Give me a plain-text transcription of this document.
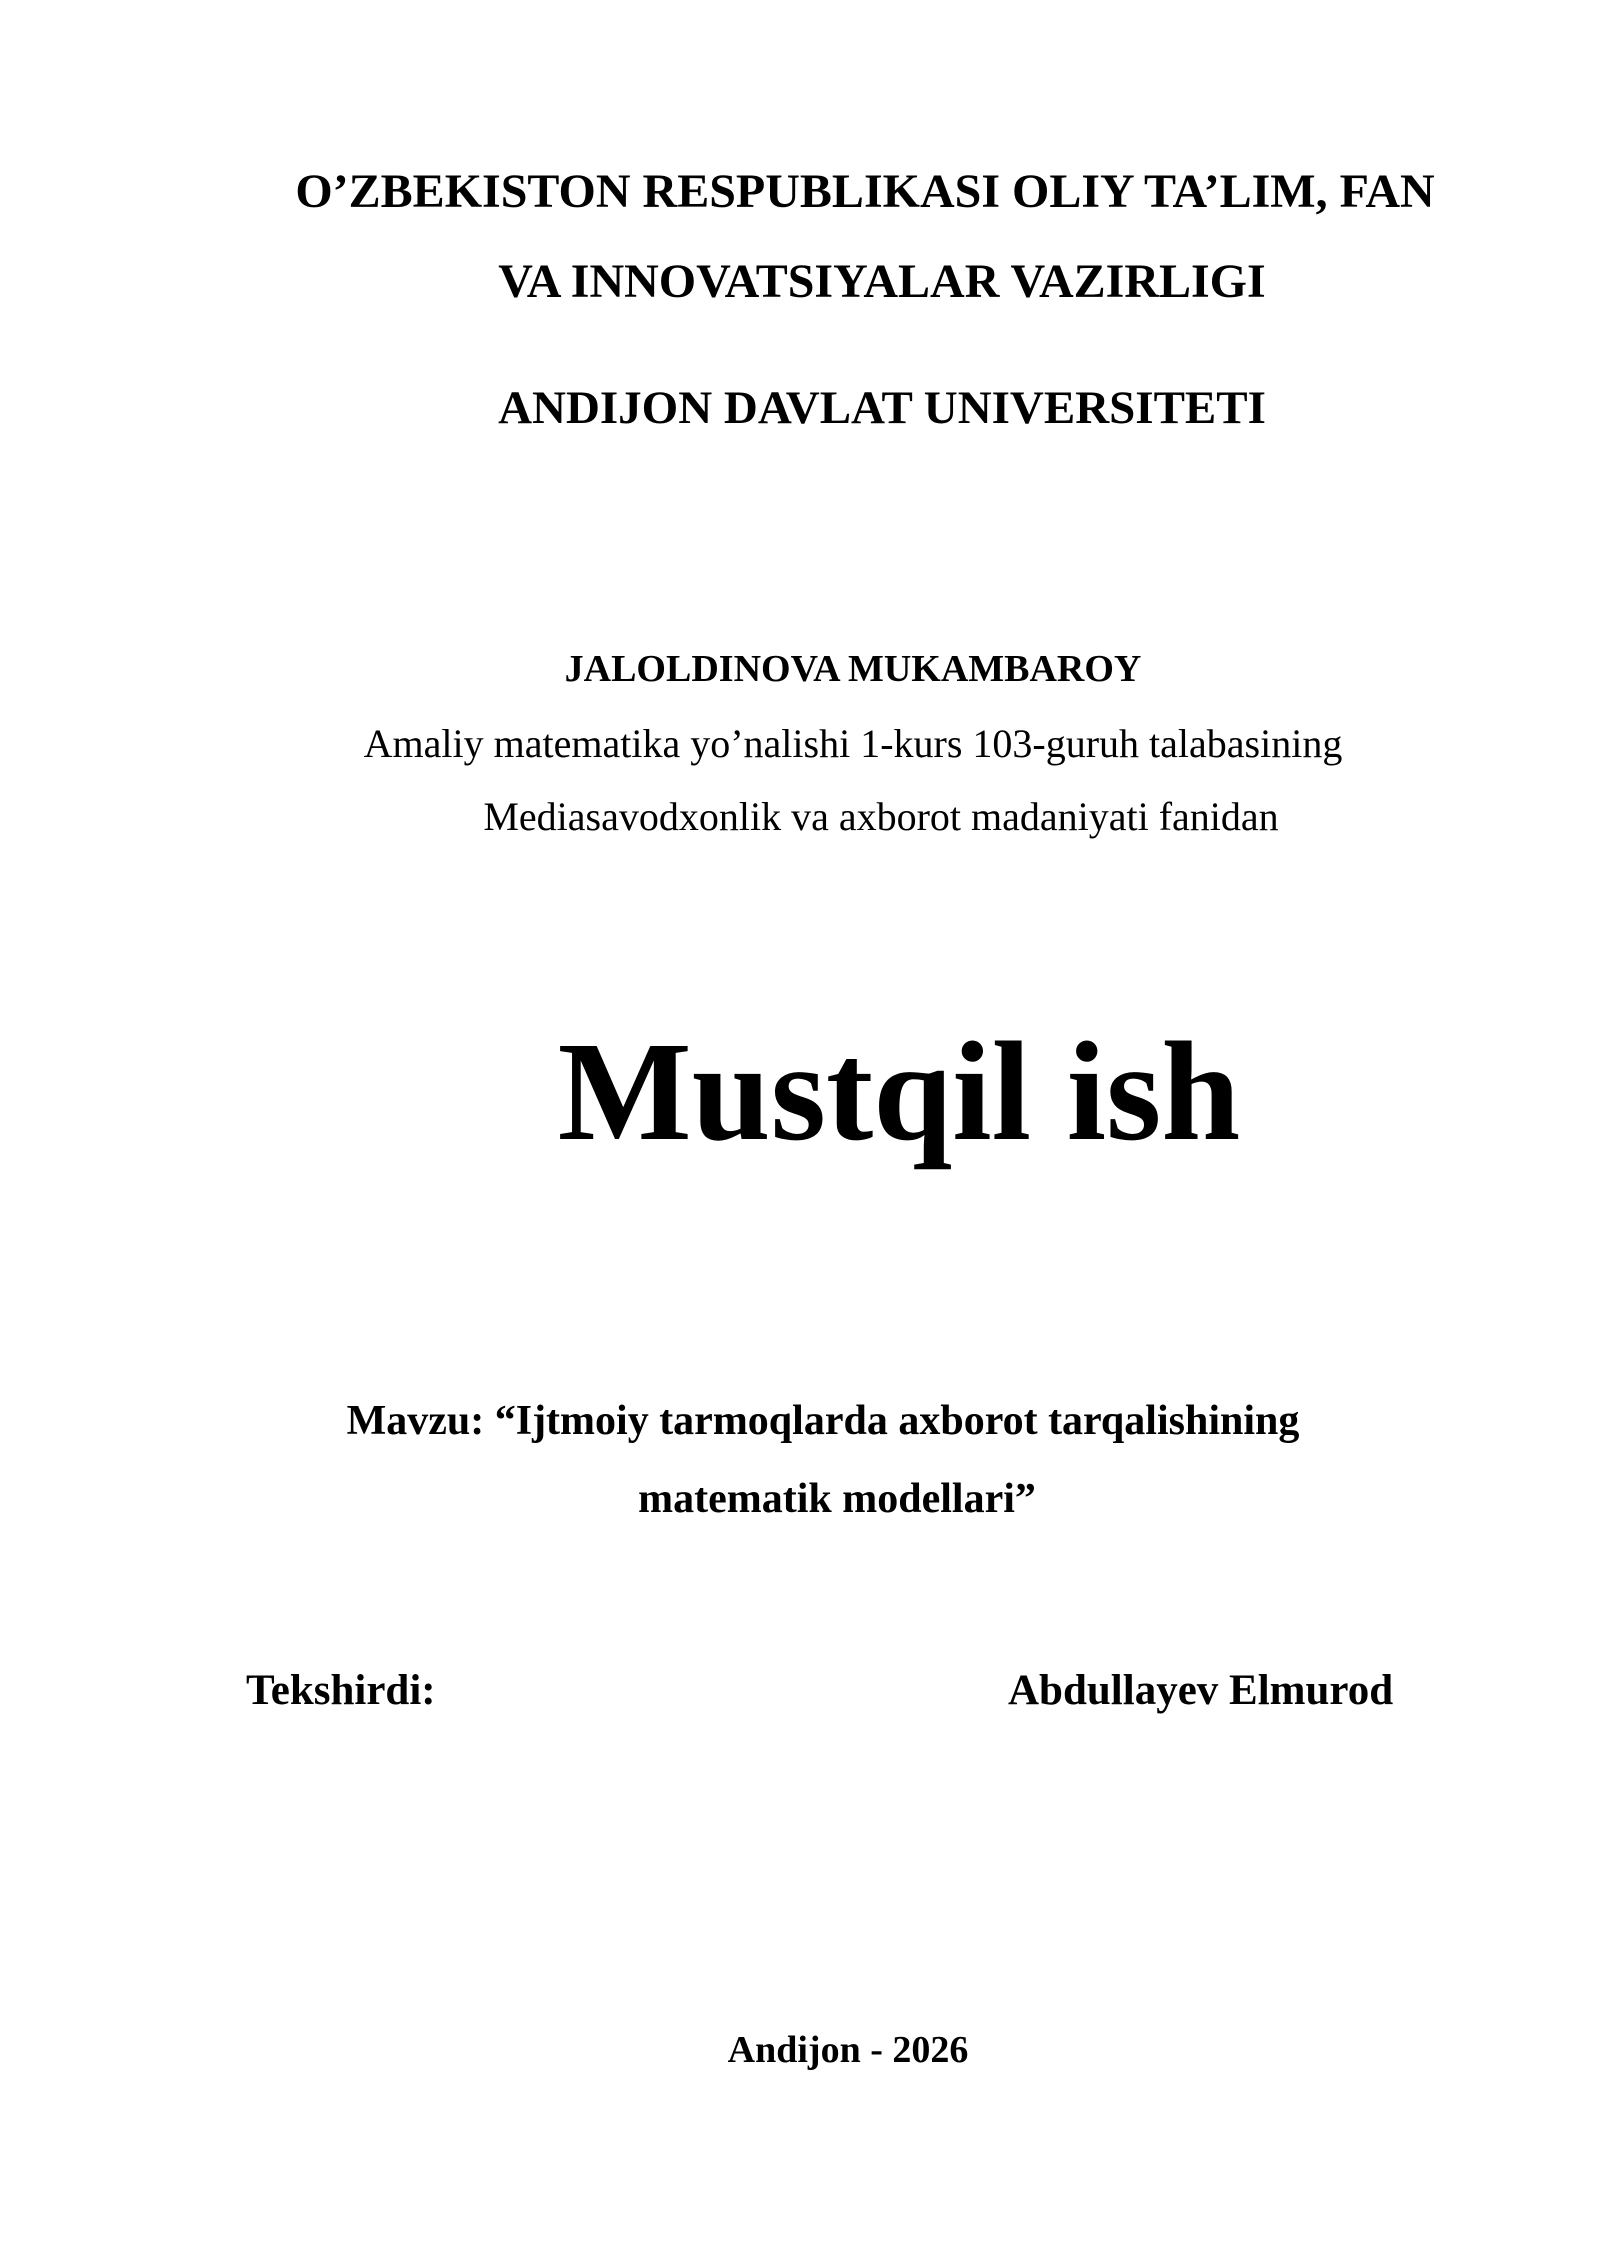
O’ZBEKISTON RESPUBLIKASI OLIY TA’LIM, FAN
VA INNOVATSIYALAR VAZIRLIGI
ANDIJON DAVLAT UNIVERSITETI
JALOLDINOVA MUKAMBAROY
Amaliy matematika yo’nalishi 1-kurs 103-guruh talabasining
Mediasavodxonlik va axborot madaniyati fanidan
Mustqil ish
Mavzu: “Ijtmoiy tarmoqlarda axborot tarqalishining
matematik modellari”
Tekshirdi:	Abdullayev Elmurod
Andijon - 2026
